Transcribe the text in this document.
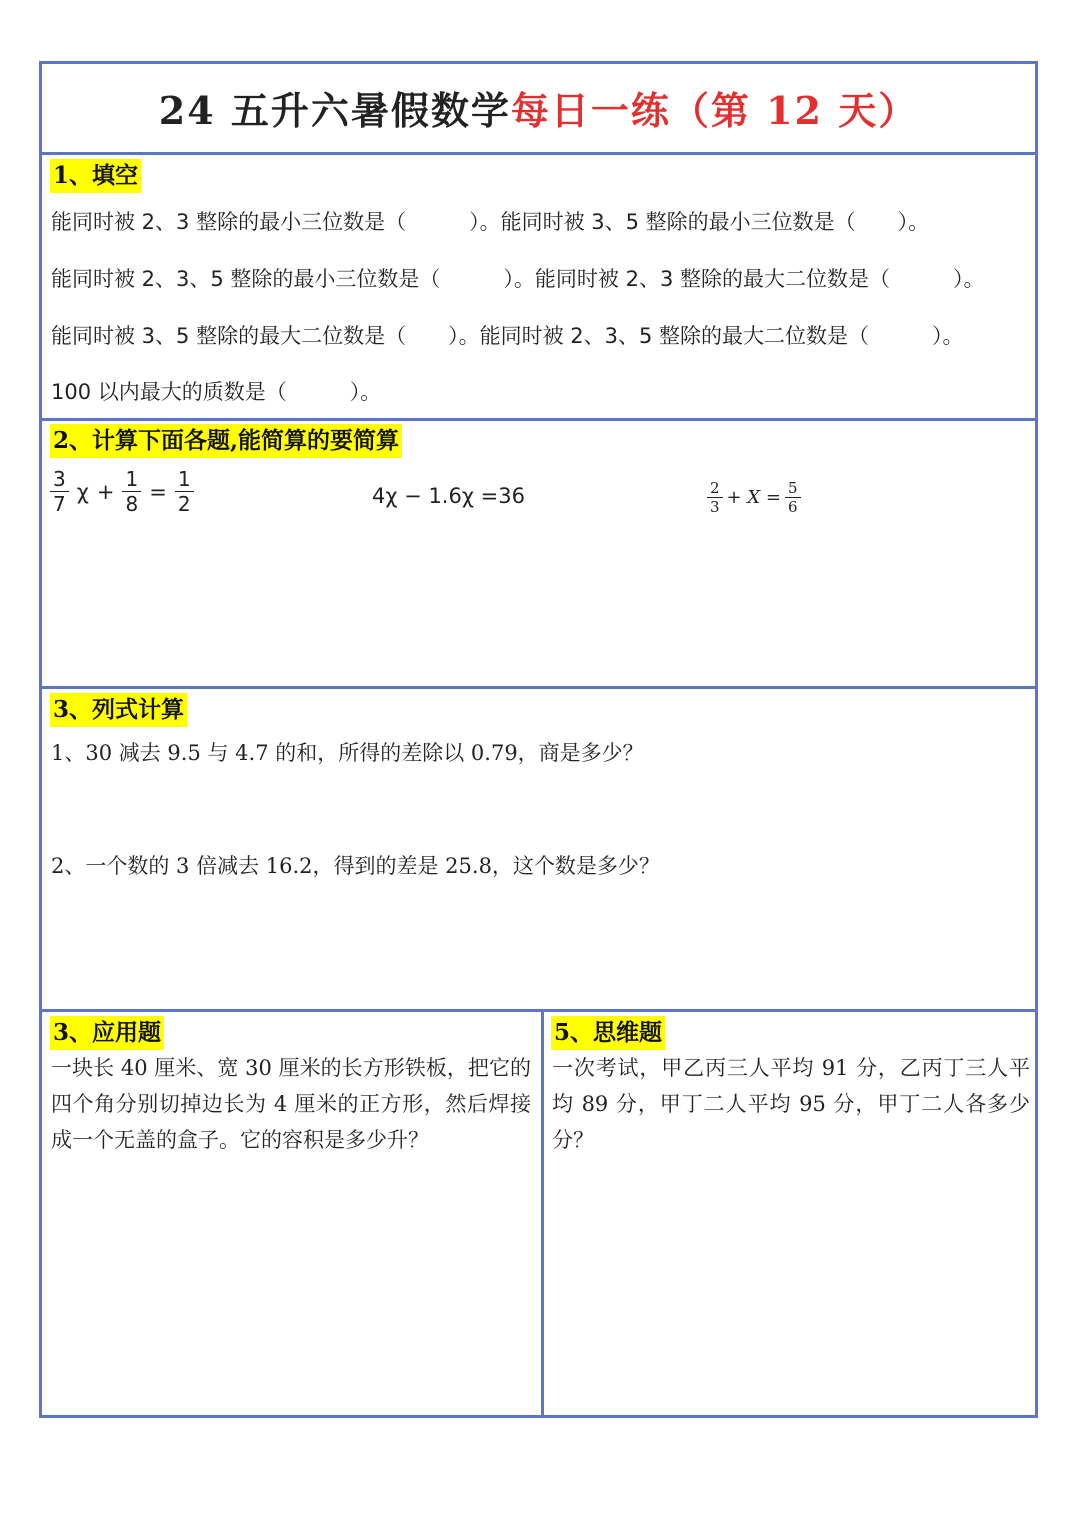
24 五升六暑假数学每日一练（第 12 天）
1、填空
能同时被 2、3 整除的最小三位数是（　　　）。能同时被 3、5 整除的最小三位数是（　　）。
能同时被 2、3、5 整除的最小三位数是（　　　）。能同时被 2、3 整除的最大二位数是（　　　）。
能同时被 3、5 整除的最大二位数是（　　）。能同时被 2、3、5 整除的最大二位数是（　　　）。
100 以内最大的质数是（　　　）。
2、计算下面各题,能简算的要简算
$\frac{3}{7}$ $\chi + \frac{1}{8} = \frac{1}{2}$	4χ − 1.6χ =36	$\frac{2}{3} + X = \frac{5}{6}$
3、列式计算
1、30 减去 9.5 与 4.7 的和，所得的差除以 0.79，商是多少？
2、一个数的 3 倍减去 16.2，得到的差是 25.8，这个数是多少？
3、应用题
一块长 40 厘米、宽 30 厘米的长方形铁板，把它的四个角分别切掉边长为 4 厘米的正方形，然后焊接成一个无盖的盒子。它的容积是多少升？
5、思维题
一次考试，甲乙丙三人平均 91 分，乙丙丁三人平均 89 分，甲丁二人平均 95 分，甲丁二人各多少分？
